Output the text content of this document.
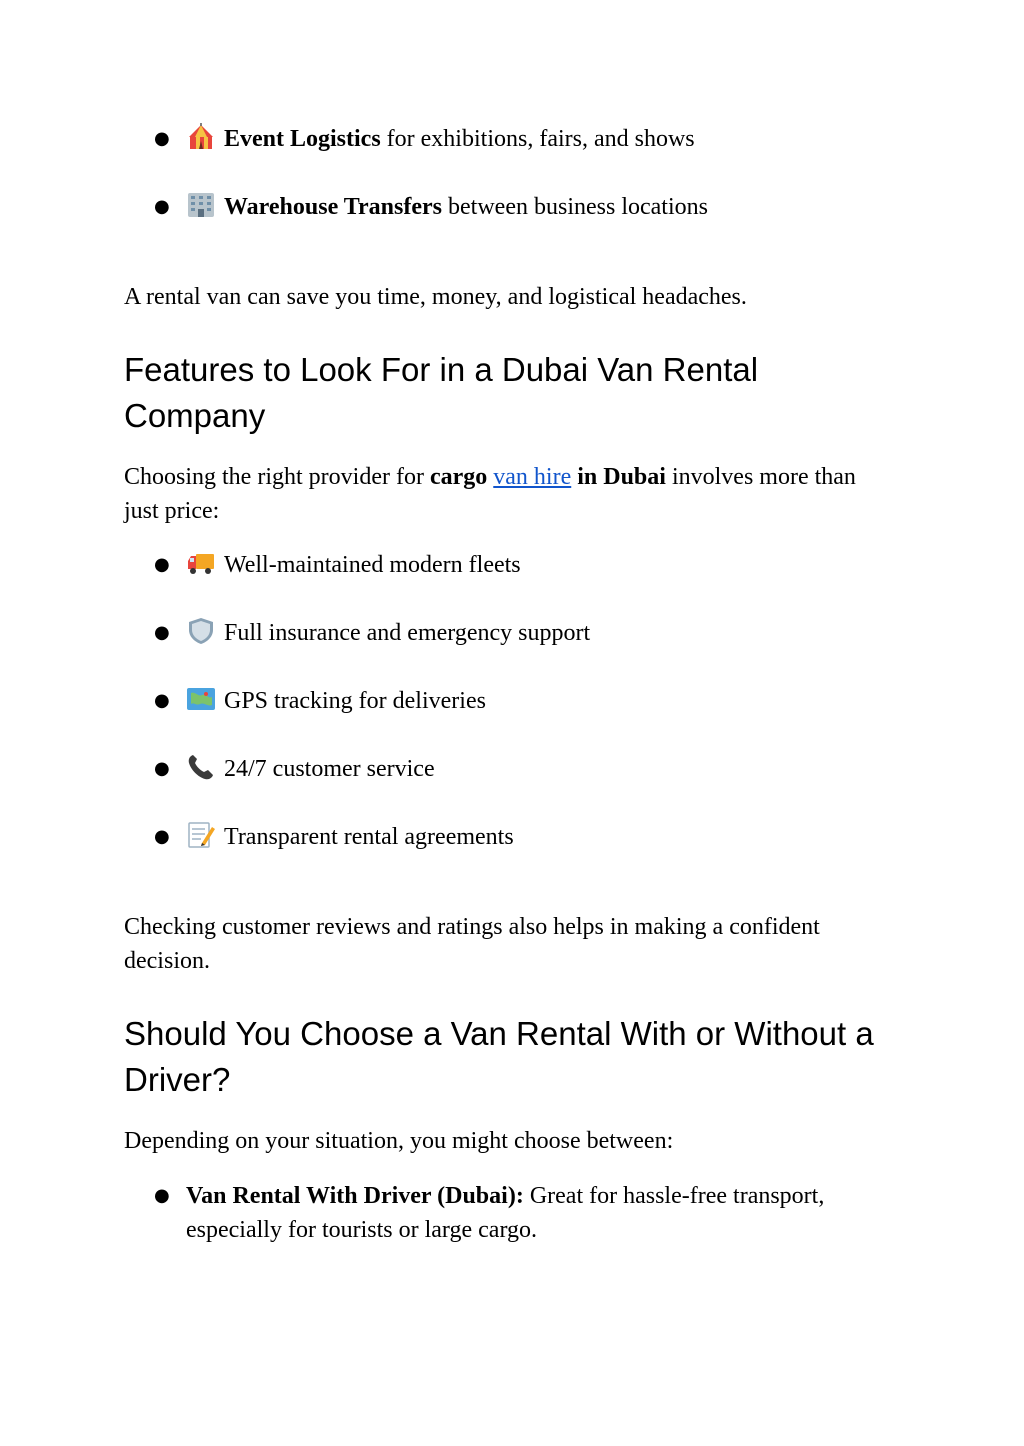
● Event Logistics for exhibitions, fairs, and shows
● Warehouse Transfers between business locations

A rental van can save you time, money, and logistical headaches.

Features to Look For in a Dubai Van Rental Company

Choosing the right provider for cargo van hire in Dubai involves more than just price:

● Well-maintained modern fleets
● Full insurance and emergency support
● GPS tracking for deliveries
● 24/7 customer service
● Transparent rental agreements

Checking customer reviews and ratings also helps in making a confident decision.

Should You Choose a Van Rental With or Without a Driver?

Depending on your situation, you might choose between:

● Van Rental With Driver (Dubai): Great for hassle-free transport, especially for tourists or large cargo.
